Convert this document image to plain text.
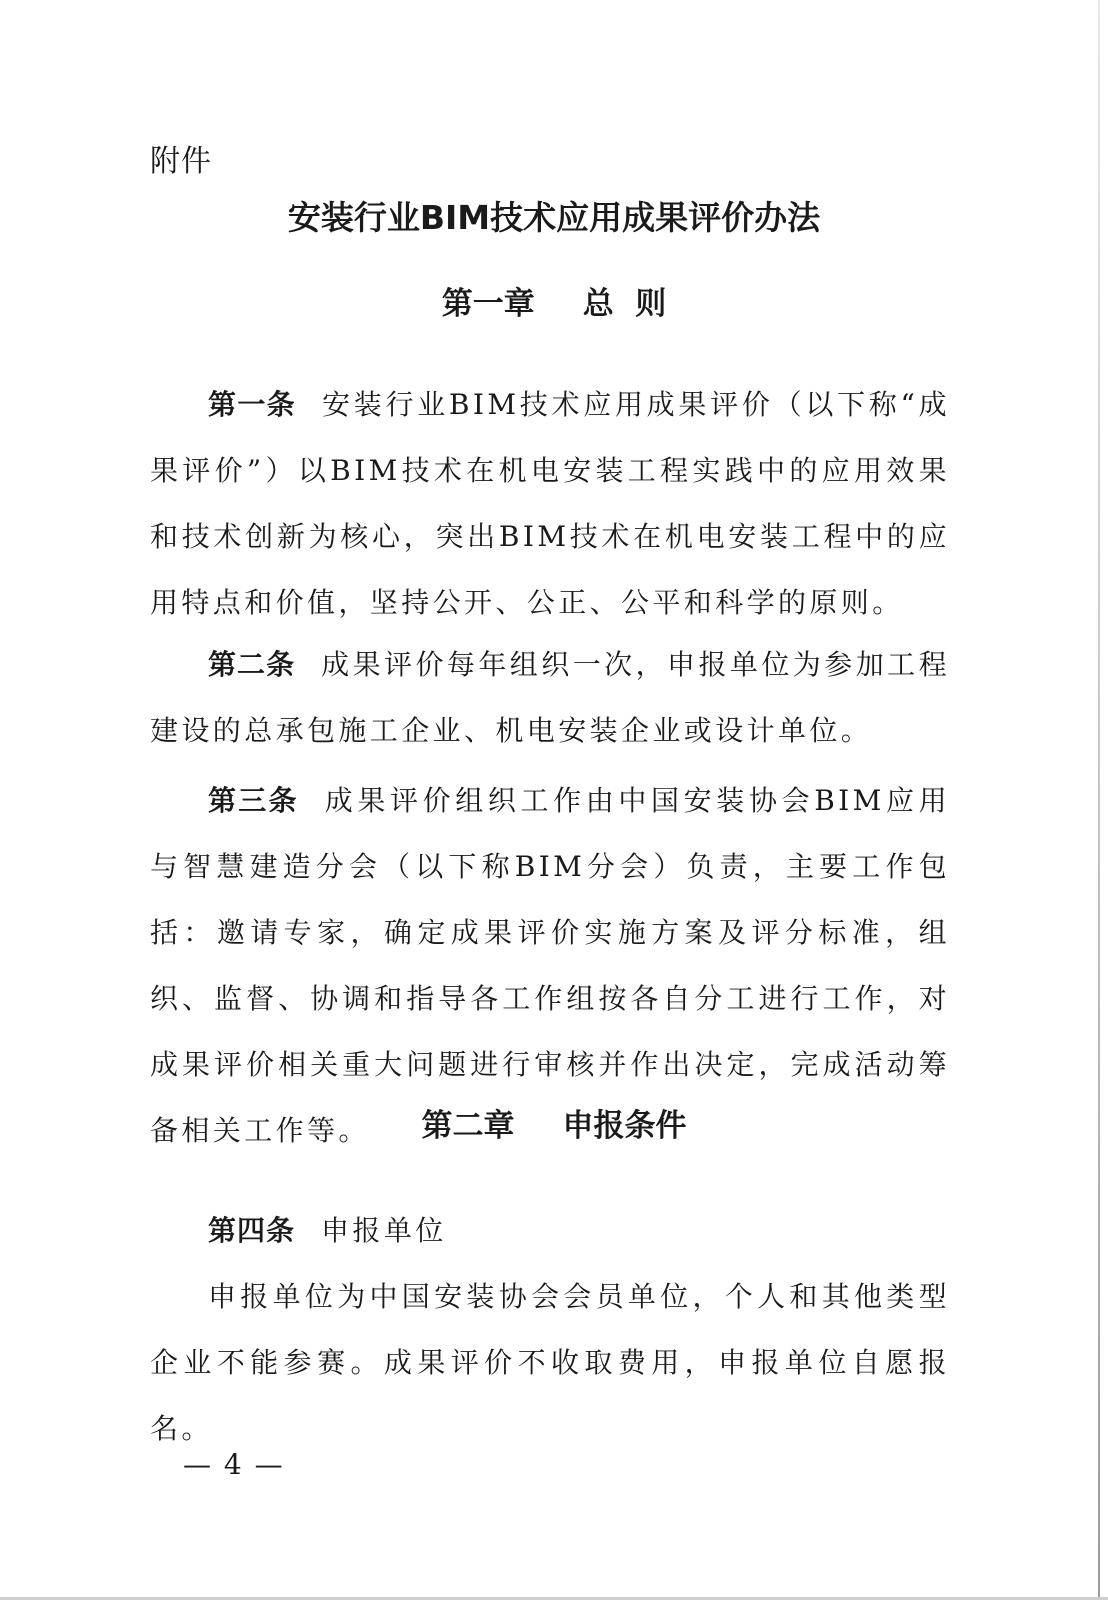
附件
安装行业BIM技术应用成果评价办法
第一章 总  则
第一条 安装行业BIM技术应用成果评价（以下称“成果评价”）以BIM技术在机电安装工程实践中的应用效果和技术创新为核心，突出BIM技术在机电安装工程中的应用特点和价值，坚持公开、公正、公平和科学的原则。
第二条 成果评价每年组织一次，申报单位为参加工程建设的总承包施工企业、机电安装企业或设计单位。
第三条 成果评价组织工作由中国安装协会BIM应用与智慧建造分会（以下称BIM分会）负责，主要工作包括：邀请专家，确定成果评价实施方案及评分标准，组织、监督、协调和指导各工作组按各自分工进行工作，对成果评价相关重大问题进行审核并作出决定，完成活动筹备相关工作等。	第二章 申报条件
第四条 申报单位
申报单位为中国安装协会会员单位，个人和其他类型企业不能参赛。成果评价不收取费用，申报单位自愿报名。
— 4 —
